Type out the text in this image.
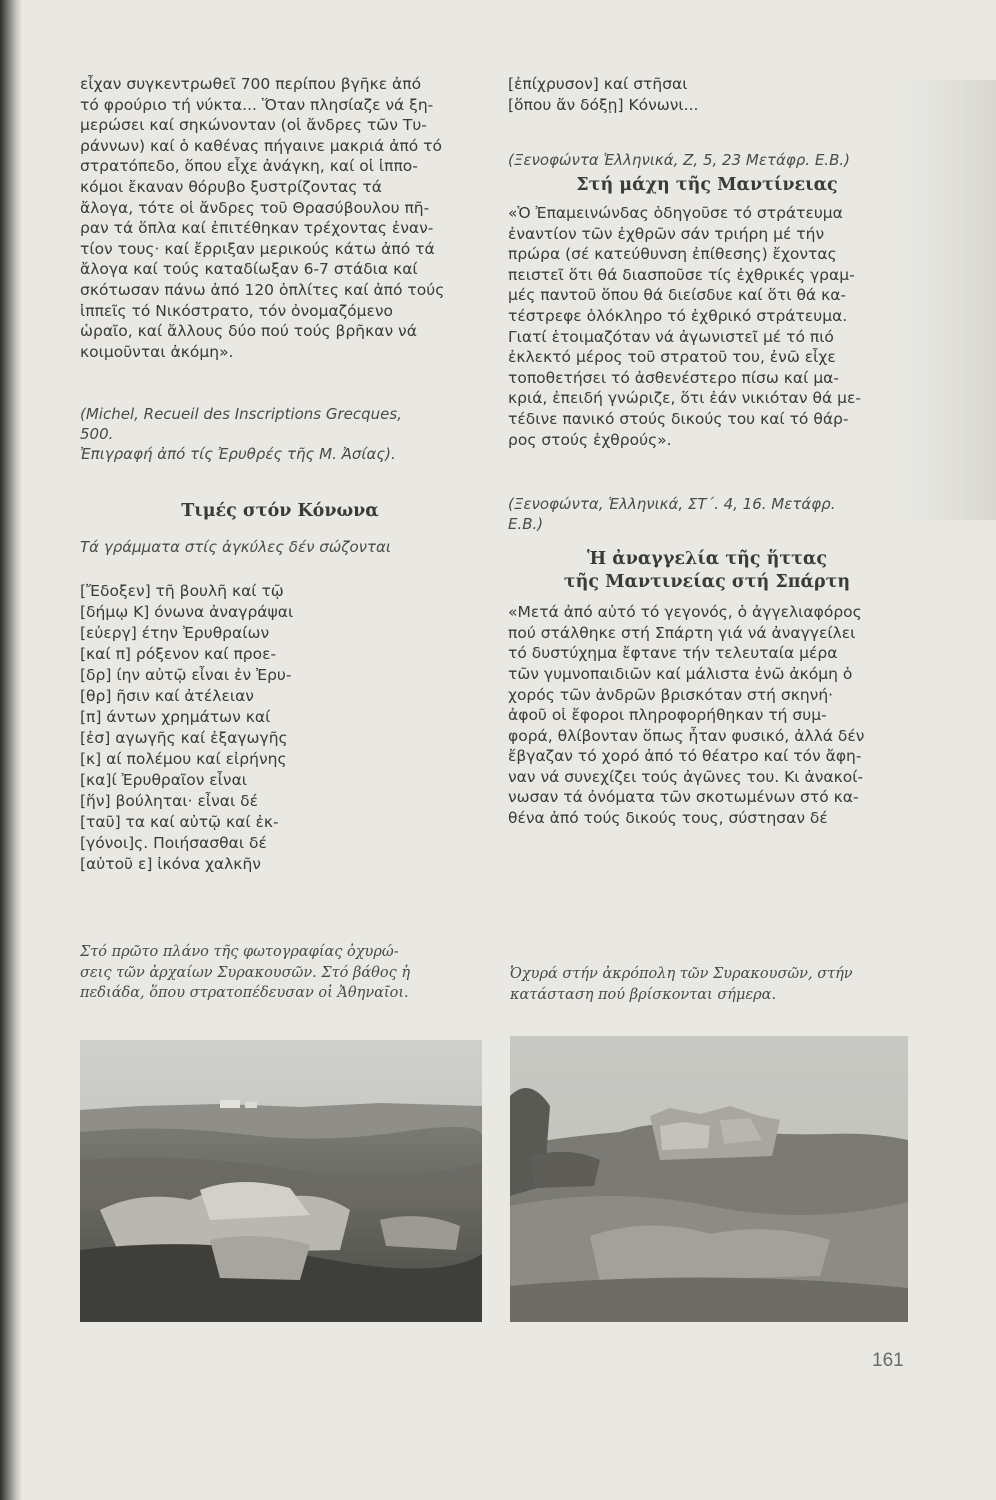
εἶχαν συγκεντρωθεῖ 700 περίπου βγῆκε ἀπό
τό φρούριο τή νύκτα... Ὅταν πλησίαζε νά ξη-
μερώσει καί σηκώνονταν (οἱ ἄνδρες τῶν Τυ-
ράννων) καί ὁ καθένας πήγαινε μακριά ἀπό τό
στρατόπεδο, ὅπου εἶχε ἀνάγκη, καί οἱ ἱππο-
κόμοι ἔκαναν θόρυβο ξυστρίζοντας τά
ἄλογα, τότε οἱ ἄνδρες τοῦ Θρασύβουλου πῆ-
ραν τά ὅπλα καί ἐπιτέθηκαν τρέχοντας ἐναν-
τίον τους· καί ἔρριξαν μερικούς κάτω ἀπό τά
ἄλογα καί τούς καταδίωξαν 6-7 στάδια καί
σκότωσαν πάνω ἀπό 120 ὁπλίτες καί ἀπό τούς
ἱππεῖς τό Νικόστρατο, τόν ὀνομαζόμενο
ὡραῖο, καί ἄλλους δύο πού τούς βρῆκαν νά
κοιμοῦνται ἀκόμη».

(Michel, Recueil des Inscriptions Grecques,
500.
Ἐπιγραφή ἀπό τίς Ἐρυθρές τῆς Μ. Ἀσίας).

Τιμές στόν Κόνωνα

Τά γράμματα στίς ἀγκύλες δέν σώζονται

[Ἔδοξεν] τῆ βουλῆ καί τῷ
[δήμῳ Κ] όνωνα ἀναγράψαι
[εὐεργ] έτην Ἐρυθραίων
[καί π] ρόξενον καί προε-
[δρ] ίην αὐτῷ εἶναι ἐν Ἐρυ-
[θρ] ῆσιν καί ἀτέλειαν
[π] άντων χρημάτων καί
[ἐσ] αγωγῆς καί ἐξαγωγῆς
[κ] αί πολέμου καί εἰρήνης
[κα]ί Ἐρυθραῖον εἶναι
[ἥν] βούληται· εἶναι δέ
[ταῦ] τα καί αὐτῷ καί ἐκ-
[γόνοι]ς. Ποιήσασθαι δέ
[αὐτοῦ ε] ἰκόνα χαλκῆν

[ἐπίχρυσον] καί στῆσαι
[ὅπου ἄν δόξῃ] Κόνωνι...

(Ξενοφώντα Ἑλληνικά, Ζ, 5, 23 Μετάφρ. Ε.Β.)

Στή μάχη τῆς Μαντίνειας

«Ὁ Ἐπαμεινώνδας ὁδηγοῦσε τό στράτευμα
ἐναντίον τῶν ἐχθρῶν σάν τριήρη μέ τήν
πρώρα (σέ κατεύθυνση ἐπίθεσης) ἔχοντας
πειστεῖ ὅτι θά διασποῦσε τίς ἐχθρικές γραμ-
μές παντοῦ ὅπου θά διείσδυε καί ὅτι θά κα-
τέστρεφε ὁλόκληρο τό ἐχθρικό στράτευμα.
Γιατί ἑτοιμαζόταν νά ἀγωνιστεῖ μέ τό πιό
ἐκλεκτό μέρος τοῦ στρατοῦ του, ἐνῶ εἶχε
τοποθετήσει τό ἀσθενέστερο πίσω καί μα-
κριά, ἐπειδή γνώριζε, ὅτι ἐάν νικιόταν θά με-
τέδινε πανικό στούς δικούς του καί τό θάρ-
ρος στούς ἐχθρούς».

(Ξενοφώντα, Ἑλληνικά, ΣΤ΄. 4, 16. Μετάφρ.
Ε.Β.)

Ἡ ἀναγγελία τῆς ἥττας
τῆς Μαντινείας στή Σπάρτη

«Μετά ἀπό αὐτό τό γεγονός, ὁ ἀγγελιαφόρος
πού στάλθηκε στή Σπάρτη γιά νά ἀναγγείλει
τό δυστύχημα ἔφτανε τήν τελευταία μέρα
τῶν γυμνοπαιδιῶν καί μάλιστα ἐνῶ ἀκόμη ὁ
χορός τῶν ἀνδρῶν βρισκόταν στή σκηνή·
ἀφοῦ οἱ ἔφοροι πληροφορήθηκαν τή συμ-
φορά, θλίβονταν ὅπως ἦταν φυσικό, ἀλλά δέν
ἔβγαζαν τό χορό ἀπό τό θέατρο καί τόν ἄφη-
ναν νά συνεχίζει τούς ἀγῶνες του. Κι ἀνακοί-
νωσαν τά ὀνόματα τῶν σκοτωμένων στό κα-
θένα ἀπό τούς δικούς τους, σύστησαν δέ

Στό πρῶτο πλάνο τῆς φωτογραφίας ὀχυρώ-
σεις τῶν ἀρχαίων Συρακουσῶν. Στό βάθος ἡ
πεδιάδα, ὅπου στρατοπέδευσαν οἱ Ἀθηναῖοι.
Ὀχυρά στήν ἀκρόπολη τῶν Συρακουσῶν, στήν
κατάσταση πού βρίσκονται σήμερα.
161
